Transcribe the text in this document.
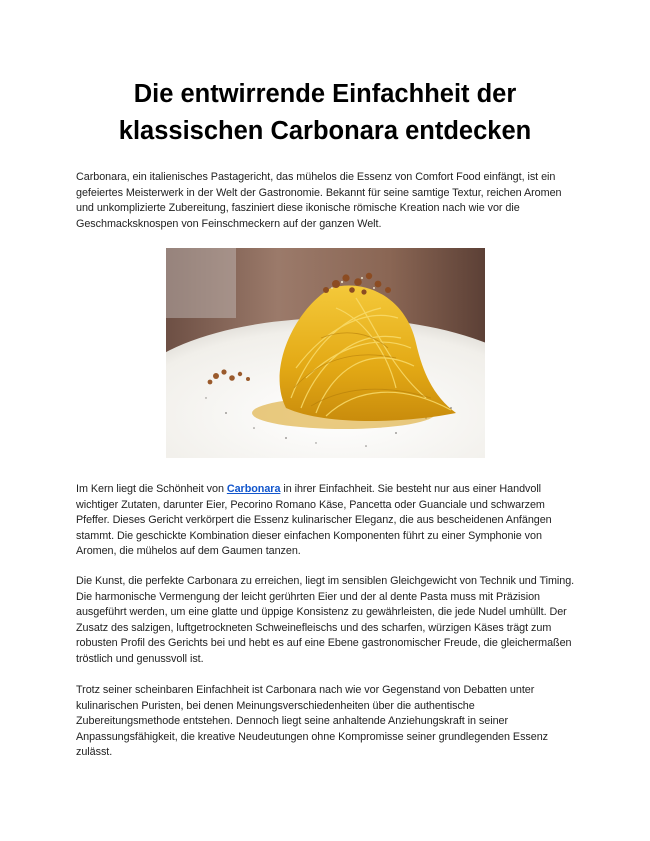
Die entwirrende Einfachheit der klassischen Carbonara entdecken

Carbonara, ein italienisches Pastagericht, das mühelos die Essenz von Comfort Food einfängt, ist ein gefeiertes Meisterwerk in der Welt der Gastronomie. Bekannt für seine samtige Textur, reichen Aromen und unkomplizierte Zubereitung, fasziniert diese ikonische römische Kreation nach wie vor die Geschmacksknospen von Feinschmeckern auf der ganzen Welt.

Im Kern liegt die Schönheit von Carbonara in ihrer Einfachheit. Sie besteht nur aus einer Handvoll wichtiger Zutaten, darunter Eier, Pecorino Romano Käse, Pancetta oder Guanciale und schwarzem Pfeffer. Dieses Gericht verkörpert die Essenz kulinarischer Eleganz, die aus bescheidenen Anfängen stammt. Die geschickte Kombination dieser einfachen Komponenten führt zu einer Symphonie von Aromen, die mühelos auf dem Gaumen tanzen.

Die Kunst, die perfekte Carbonara zu erreichen, liegt im sensiblen Gleichgewicht von Technik und Timing. Die harmonische Vermengung der leicht gerührten Eier und der al dente Pasta muss mit Präzision ausgeführt werden, um eine glatte und üppige Konsistenz zu gewährleisten, die jede Nudel umhüllt. Der Zusatz des salzigen, luftgetrockneten Schweinefleischs und des scharfen, würzigen Käses trägt zum robusten Profil des Gerichts bei und hebt es auf eine Ebene gastronomischer Freude, die gleichermaßen tröstlich und genussvoll ist.

Trotz seiner scheinbaren Einfachheit ist Carbonara nach wie vor Gegenstand von Debatten unter kulinarischen Puristen, bei denen Meinungsverschiedenheiten über die authentische Zubereitungsmethode entstehen. Dennoch liegt seine anhaltende Anziehungskraft in seiner Anpassungsfähigkeit, die kreative Neudeutungen ohne Kompromisse seiner grundlegenden Essenz zulässt.
